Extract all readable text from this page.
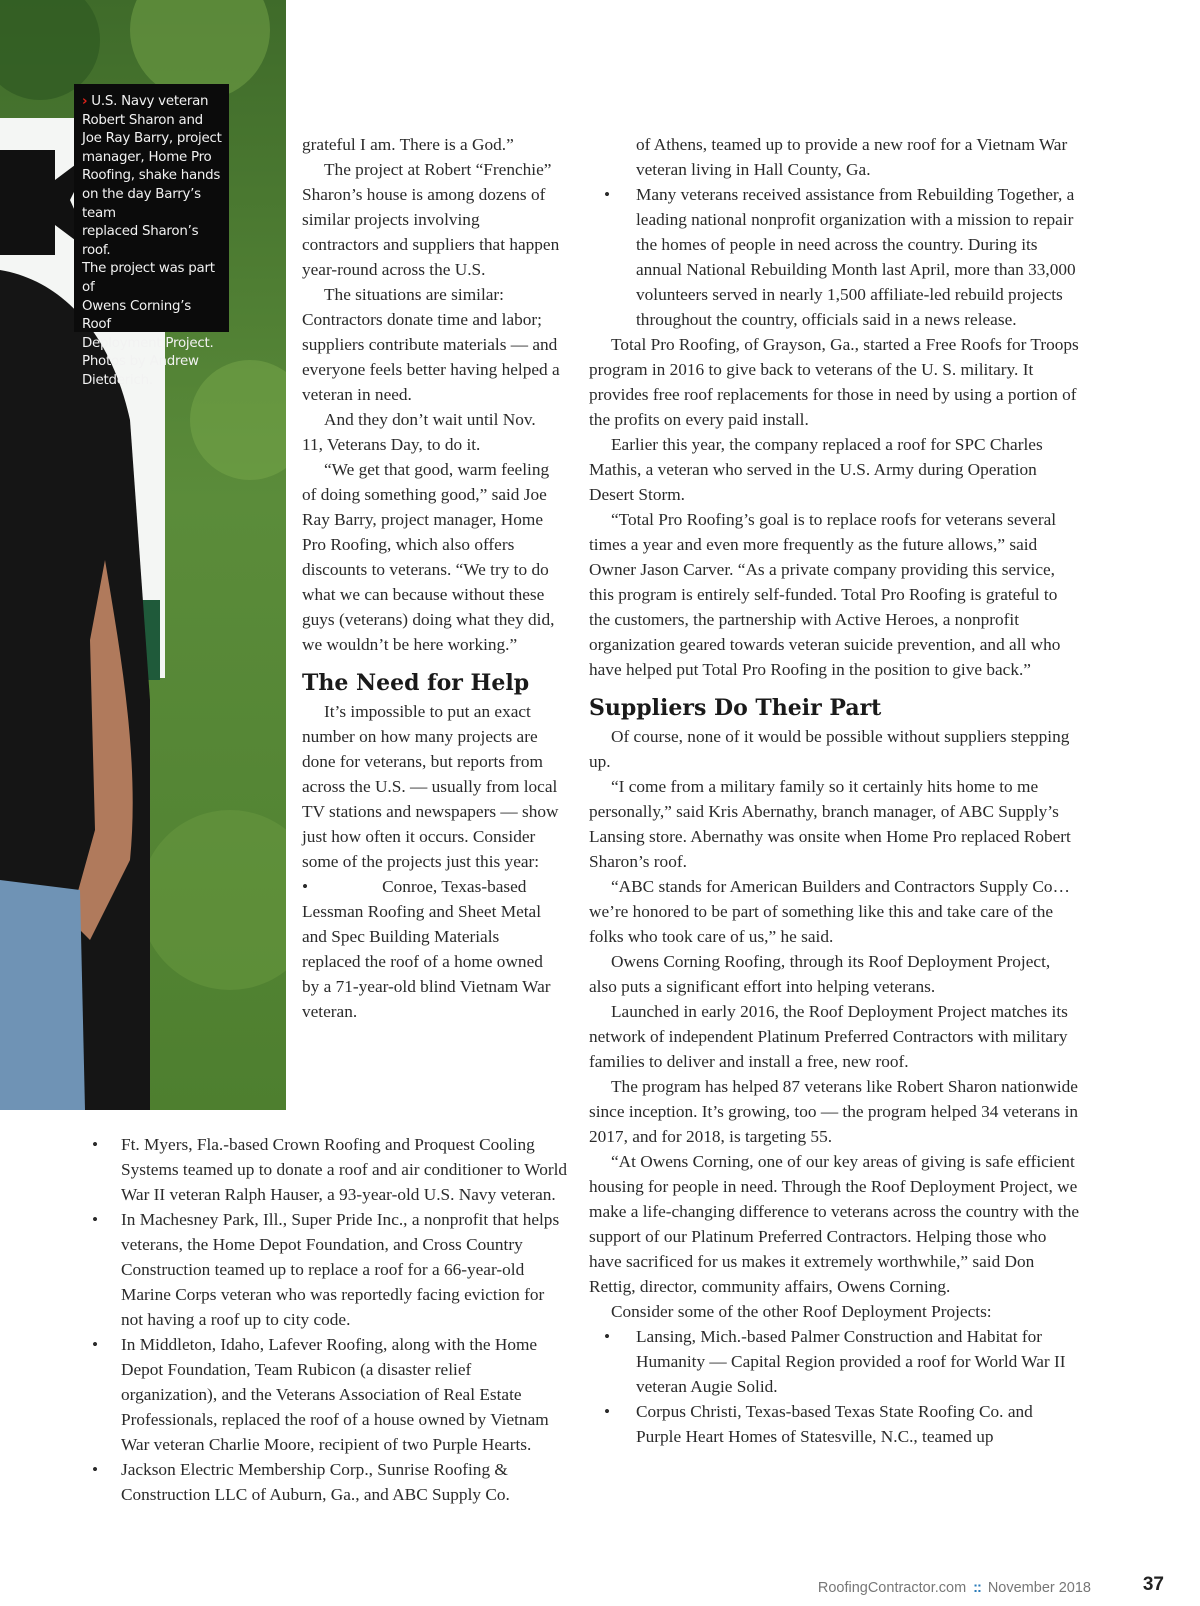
› U.S. Navy veteran
Robert Sharon and
Joe Ray Barry, project
manager, Home Pro
Roofing, shake hands
on the day Barry’s team
replaced Sharon’s roof.
The project was part of
Owens Corning’s Roof
Deployment Project.
Photos by Andrew
Dietderich.

grateful I am. There is a God.”

The project at Robert “Frenchie” Sharon’s house is among dozens of similar projects involving contractors and suppliers that happen year-round across the U.S.

The situations are similar: Contractors donate time and labor; suppliers contribute materials — and everyone feels better having helped a veteran in need.

And they don’t wait until Nov. 11, Veterans Day, to do it.

“We get that good, warm feeling of doing something good,” said Joe Ray Barry, project manager, Home Pro Roofing, which also offers discounts to veterans. “We try to do what we can because without these guys (veterans) doing what they did, we wouldn’t be here working.”

The Need for Help

It’s impossible to put an exact number on how many projects are done for veterans, but reports from across the U.S. — usually from local TV stations and newspapers — show just how often it occurs. Consider some of the projects just this year:

•	Conroe, Texas-based Lessman Roofing and Sheet Metal and Spec Building Materials replaced the roof of a home owned by a 71-year-old blind Vietnam War veteran.

• Ft. Myers, Fla.-based Crown Roofing and Proquest Cooling Systems teamed up to donate a roof and air conditioner to World War II veteran Ralph Hauser, a 93-year-old U.S. Navy veteran.

• In Machesney Park, Ill., Super Pride Inc., a nonprofit that helps veterans, the Home Depot Foundation, and Cross Country Construction teamed up to replace a roof for a 66-year-old Marine Corps veteran who was reportedly facing eviction for not having a roof up to city code.

• In Middleton, Idaho, Lafever Roofing, along with the Home Depot Foundation, Team Rubicon (a disaster relief organization), and the Veterans Association of Real Estate Professionals, replaced the roof of a house owned by Vietnam War veteran Charlie Moore, recipient of two Purple Hearts.

• Jackson Electric Membership Corp., Sunrise Roofing & Construction LLC of Auburn, Ga., and ABC Supply Co.

of Athens, teamed up to provide a new roof for a Vietnam War veteran living in Hall County, Ga.

• Many veterans received assistance from Rebuilding Together, a leading national nonprofit organization with a mission to repair the homes of people in need across the country. During its annual National Rebuilding Month last April, more than 33,000 volunteers served in nearly 1,500 affiliate-led rebuild projects throughout the country, officials said in a news release.

Total Pro Roofing, of Grayson, Ga., started a Free Roofs for Troops program in 2016 to give back to veterans of the U. S. military. It provides free roof replacements for those in need by using a portion of the profits on every paid install.

Earlier this year, the company replaced a roof for SPC Charles Mathis, a veteran who served in the U.S. Army during Operation Desert Storm.

“Total Pro Roofing’s goal is to replace roofs for veterans several times a year and even more frequently as the future allows,” said Owner Jason Carver. “As a private company providing this service, this program is entirely self-funded. Total Pro Roofing is grateful to the customers, the partnership with Active Heroes, a nonprofit organization geared towards veteran suicide prevention, and all who have helped put Total Pro Roofing in the position to give back.”

Suppliers Do Their Part

Of course, none of it would be possible without suppliers stepping up.

“I come from a military family so it certainly hits home to me personally,” said Kris Abernathy, branch manager, of ABC Supply’s Lansing store. Abernathy was onsite when Home Pro replaced Robert Sharon’s roof.

“ABC stands for American Builders and Contractors Supply Co…we’re honored to be part of something like this and take care of the folks who took care of us,” he said.

Owens Corning Roofing, through its Roof Deployment Project, also puts a significant effort into helping veterans.

Launched in early 2016, the Roof Deployment Project matches its network of independent Platinum Preferred Contractors with military families to deliver and install a free, new roof.

The program has helped 87 veterans like Robert Sharon nationwide since inception. It’s growing, too — the program helped 34 veterans in 2017, and for 2018, is targeting 55.

“At Owens Corning, one of our key areas of giving is safe efficient housing for people in need. Through the Roof Deployment Project, we make a life-changing difference to veterans across the country with the support of our Platinum Preferred Contractors. Helping those who have sacrificed for us makes it extremely worthwhile,” said Don Rettig, director, community affairs, Owens Corning.

Consider some of the other Roof Deployment Projects:

• Lansing, Mich.-based Palmer Construction and Habitat for Humanity — Capital Region provided a roof for World War II veteran Augie Solid.

• Corpus Christi, Texas-based Texas State Roofing Co. and Purple Heart Homes of Statesville, N.C., teamed up

RoofingContractor.com :: November 2018	37
